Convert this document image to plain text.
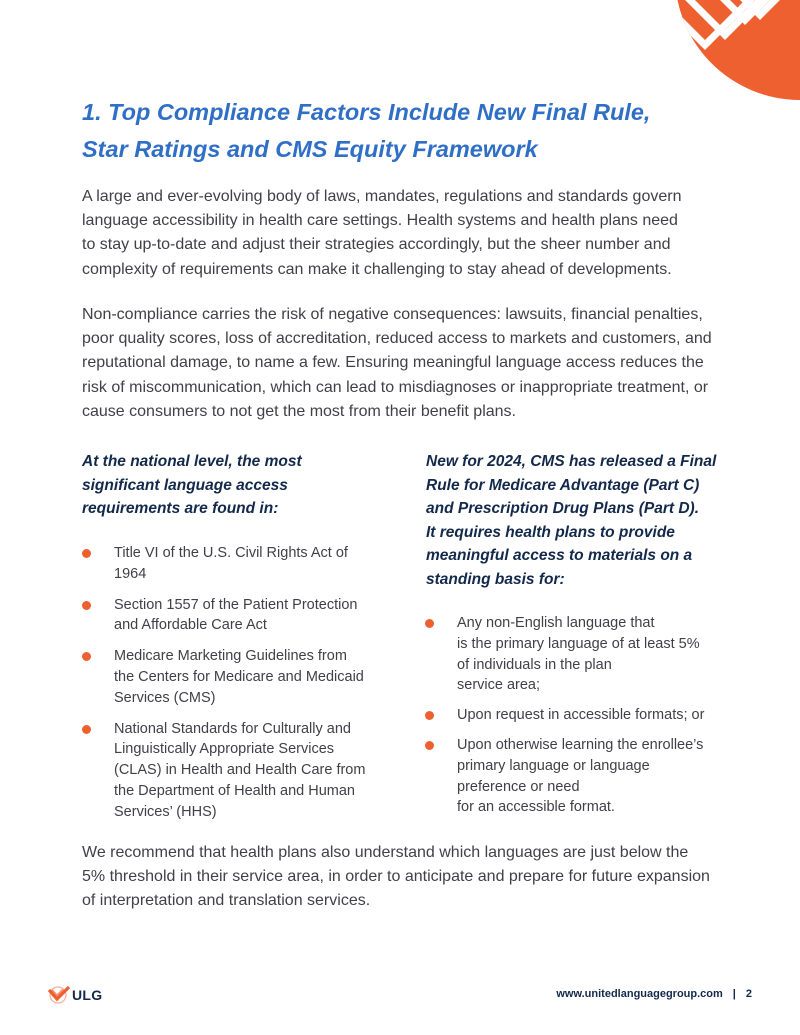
1. Top Compliance Factors Include New Final Rule,
Star Ratings and CMS Equity Framework

A large and ever-evolving body of laws, mandates, regulations and standards govern
language accessibility in health care settings. Health systems and health plans need
to stay up-to-date and adjust their strategies accordingly, but the sheer number and
complexity of requirements can make it challenging to stay ahead of developments.

Non-compliance carries the risk of negative consequences: lawsuits, financial penalties,
poor quality scores, loss of accreditation, reduced access to markets and customers, and
reputational damage, to name a few. Ensuring meaningful language access reduces the
risk of miscommunication, which can lead to misdiagnoses or inappropriate treatment, or
cause consumers to not get the most from their benefit plans.

At the national level, the most
significant language access
requirements are found in:
Title VI of the U.S. Civil Rights Act of
1964
Section 1557 of the Patient Protection
and Affordable Care Act
Medicare Marketing Guidelines from
the Centers for Medicare and Medicaid
Services (CMS)
National Standards for Culturally and
Linguistically Appropriate Services
(CLAS) in Health and Health Care from
the Department of Health and Human
Services’ (HHS)
New for 2024, CMS has released a Final
Rule for Medicare Advantage (Part C)
and Prescription Drug Plans (Part D).
It requires health plans to provide
meaningful access to materials on a
standing basis for:
Any non-English language that
is the primary language of at least 5%
of individuals in the plan
service area;
Upon request in accessible formats; or
Upon otherwise learning the enrollee’s
primary language or language
preference or need
for an accessible format.

We recommend that health plans also understand which languages are just below the
5% threshold in their service area, in order to anticipate and prepare for future expansion
of interpretation and translation services.

ULG	www.unitedlanguagegroup.com | 2
